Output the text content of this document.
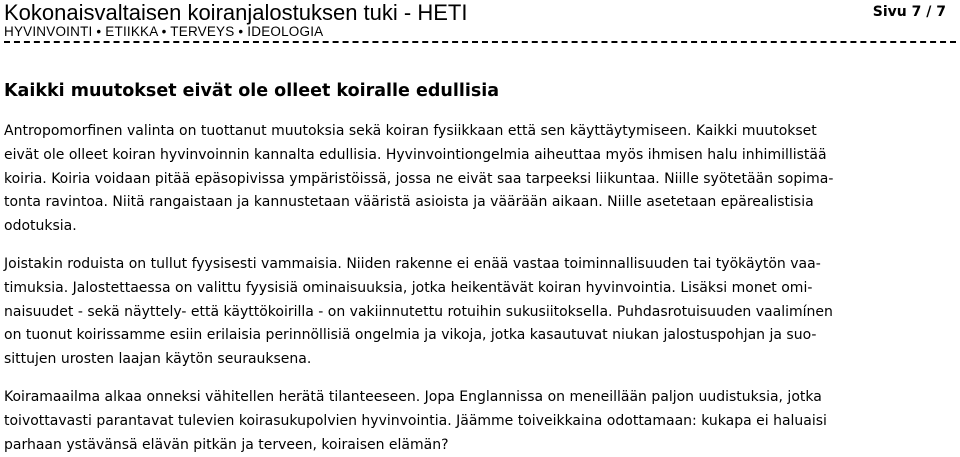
Kokonaisvaltaisen koiranjalostuksen tuki - HETI
HYVINVOINTI • ETIIKKA • TERVEYS • IDEOLOGIA
Sivu 7 / 7
Kaikki muutokset eivät ole olleet koiralle edullisia

Antropomorfinen valinta on tuottanut muutoksia sekä koiran fysiikkaan että sen käyttäytymiseen. Kaikki muutokset
eivät ole olleet koiran hyvinvoinnin kannalta edullisia. Hyvinvointiongelmia aiheuttaa myös ihmisen halu inhimillistää
koiria. Koiria voidaan pitää epäsopivissa ympäristöissä, jossa ne eivät saa tarpeeksi liikuntaa. Niille syötetään sopima-
tonta ravintoa. Niitä rangaistaan ja kannustetaan vääristä asioista ja väärään aikaan. Niille asetetaan epärealistisia
odotuksia.

Joistakin roduista on tullut fyysisesti vammaisia. Niiden rakenne ei enää vastaa toiminnallisuuden tai työkäytön vaa-
timuksia. Jalostettaessa on valittu fyysisiä ominaisuuksia, jotka heikentävät koiran hyvinvointia. Lisäksi monet omi-
naisuudet - sekä näyttely- että käyttökoirilla - on vakiinnutettu rotuihin sukusiitoksella. Puhdasrotuisuuden vaalimínen
on tuonut koirissamme esiin erilaisia perinnöllisiä ongelmia ja vikoja, jotka kasautuvat niukan jalostuspohjan ja suo-
sittujen urosten laajan käytön seurauksena.

Koiramaailma alkaa onneksi vähitellen herätä tilanteeseen. Jopa Englannissa on meneillään paljon uudistuksia, jotka
toivottavasti parantavat tulevien koirasukupolvien hyvinvointia. Jäämme toiveikkaina odottamaan: kukapa ei haluaisi
parhaan ystävänsä elävän pitkän ja terveen, koiraisen elämän?
